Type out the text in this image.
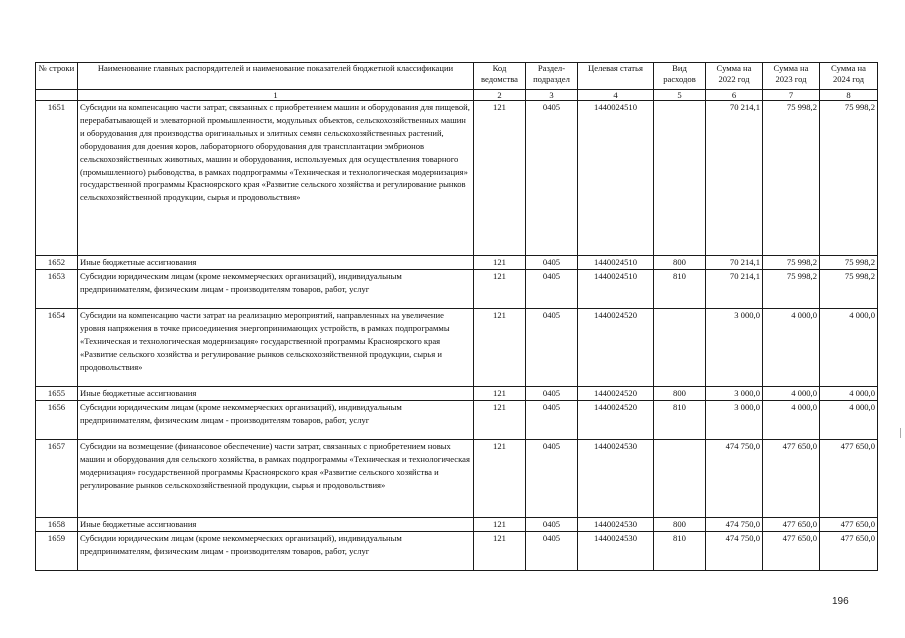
№ строки	Наименование главных распорядителей и наименование показателей бюджетной классификации	Код ведомства	Раздел-подраздел	Целевая статья	Вид расходов	Сумма на 2022 год	Сумма на 2023 год	Сумма на 2024 год
	1	2	3	4	5	6	7	8
1651	Субсидии на компенсацию части затрат, связанных с приобретением машин и оборудования для пищевой, перерабатывающей и элеваторной промышленности, модульных объектов, сельскохозяйственных машин и оборудования для производства оригинальных и элитных семян сельскохозяйственных растений, оборудования для доения коров, лабораторного оборудования для трансплантации эмбрионов сельскохозяйственных животных, машин и оборудования, используемых для осуществления товарного (промышленного) рыбоводства, в рамках подпрограммы «Техническая и технологическая модернизация» государственной программы Красноярского края «Развитие сельского хозяйства и регулирование рынков сельскохозяйственной продукции, сырья и продовольствия»	121	0405	1440024510		70 214,1	75 998,2	75 998,2
1652	Иные бюджетные ассигнования	121	0405	1440024510	800	70 214,1	75 998,2	75 998,2
1653	Субсидии юридическим лицам (кроме некоммерческих организаций), индивидуальным предпринимателям, физическим лицам - производителям товаров, работ, услуг	121	0405	1440024510	810	70 214,1	75 998,2	75 998,2
1654	Субсидии на компенсацию части затрат на реализацию мероприятий, направленных на увеличение уровня напряжения в точке присоединения энергопринимающих устройств, в рамках подпрограммы «Техническая и технологическая модернизация» государственной программы Красноярского края «Развитие сельского хозяйства и регулирование рынков сельскохозяйственной продукции, сырья и продовольствия»	121	0405	1440024520		3 000,0	4 000,0	4 000,0
1655	Иные бюджетные ассигнования	121	0405	1440024520	800	3 000,0	4 000,0	4 000,0
1656	Субсидии юридическим лицам (кроме некоммерческих организаций), индивидуальным предпринимателям, физическим лицам - производителям товаров, работ, услуг	121	0405	1440024520	810	3 000,0	4 000,0	4 000,0
1657	Субсидии на возмещение (финансовое обеспечение) части затрат, связанных с приобретением новых машин и оборудования для сельского хозяйства, в рамках подпрограммы «Техническая и технологическая модернизация» государственной программы Красноярского края «Развитие сельского хозяйства и регулирование рынков сельскохозяйственной продукции, сырья и продовольствия»	121	0405	1440024530		474 750,0	477 650,0	477 650,0
1658	Иные бюджетные ассигнования	121	0405	1440024530	800	474 750,0	477 650,0	477 650,0
1659	Субсидии юридическим лицам (кроме некоммерческих организаций), индивидуальным предпринимателям, физическим лицам - производителям товаров, работ, услуг	121	0405	1440024530	810	474 750,0	477 650,0	477 650,0
196
